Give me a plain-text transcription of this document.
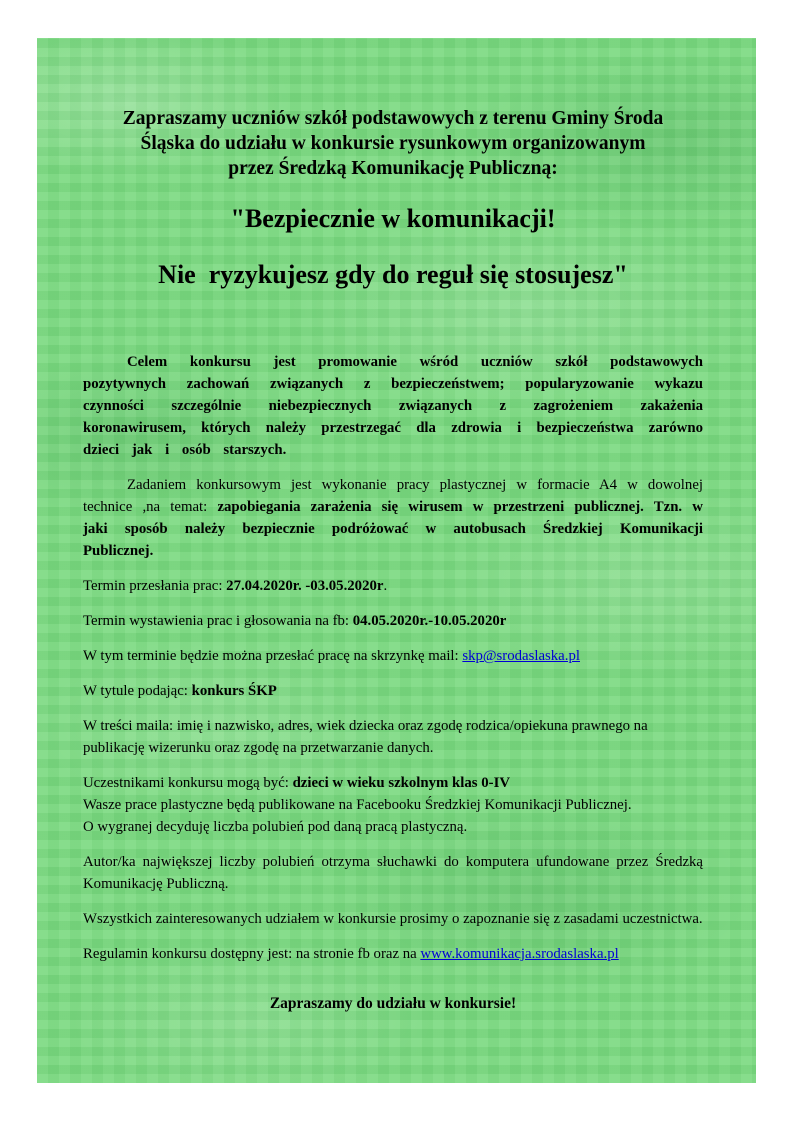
Zapraszamy uczniów szkół podstawowych z terenu Gminy Środa
Śląska do udziału w konkursie rysunkowym organizowanym
przez Średzką Komunikację Publiczną:
"Bezpiecznie w komunikacji!
Nie  ryzykujesz gdy do reguł się stosujesz"

Celem konkursu jest promowanie wśród uczniów szkół podstawowych pozytywnych zachowań związanych z bezpieczeństwem; popularyzowanie wykazu czynności szczególnie niebezpiecznych związanych z zagrożeniem zakażenia koronawirusem, których należy przestrzegać dla zdrowia i bezpieczeństwa zarówno dzieci jak i osób starszych.

Zadaniem konkursowym jest wykonanie pracy plastycznej w formacie A4 w dowolnej technice ,na temat: zapobiegania zarażenia się wirusem w przestrzeni publicznej. Tzn. w jaki sposób należy bezpiecznie podróżować w autobusach Średzkiej Komunikacji Publicznej.

Termin przesłania prac: 27.04.2020r. -03.05.2020r.

Termin wystawienia prac i głosowania na fb: 04.05.2020r.-10.05.2020r

W tym terminie będzie można przesłać pracę na skrzynkę mail: skp@srodaslaska.pl

W tytule podając: konkurs ŚKP

W treści maila: imię i nazwisko, adres, wiek dziecka oraz zgodę rodzica/opiekuna prawnego na publikację wizerunku oraz zgodę na przetwarzanie danych.

Uczestnikami konkursu mogą być: dzieci w wieku szkolnym klas 0-IV
Wasze prace plastyczne będą publikowane na Facebooku Średzkiej Komunikacji Publicznej.
O wygranej decyduję liczba polubień pod daną pracą plastyczną.

Autor/ka największej liczby polubień otrzyma słuchawki do komputera ufundowane przez Średzką Komunikację Publiczną.

Wszystkich zainteresowanych udziałem w konkursie prosimy o zapoznanie się z zasadami uczestnictwa.

Regulamin konkursu dostępny jest: na stronie fb oraz na www.komunikacja.srodaslaska.pl

Zapraszamy do udziału w konkursie!
